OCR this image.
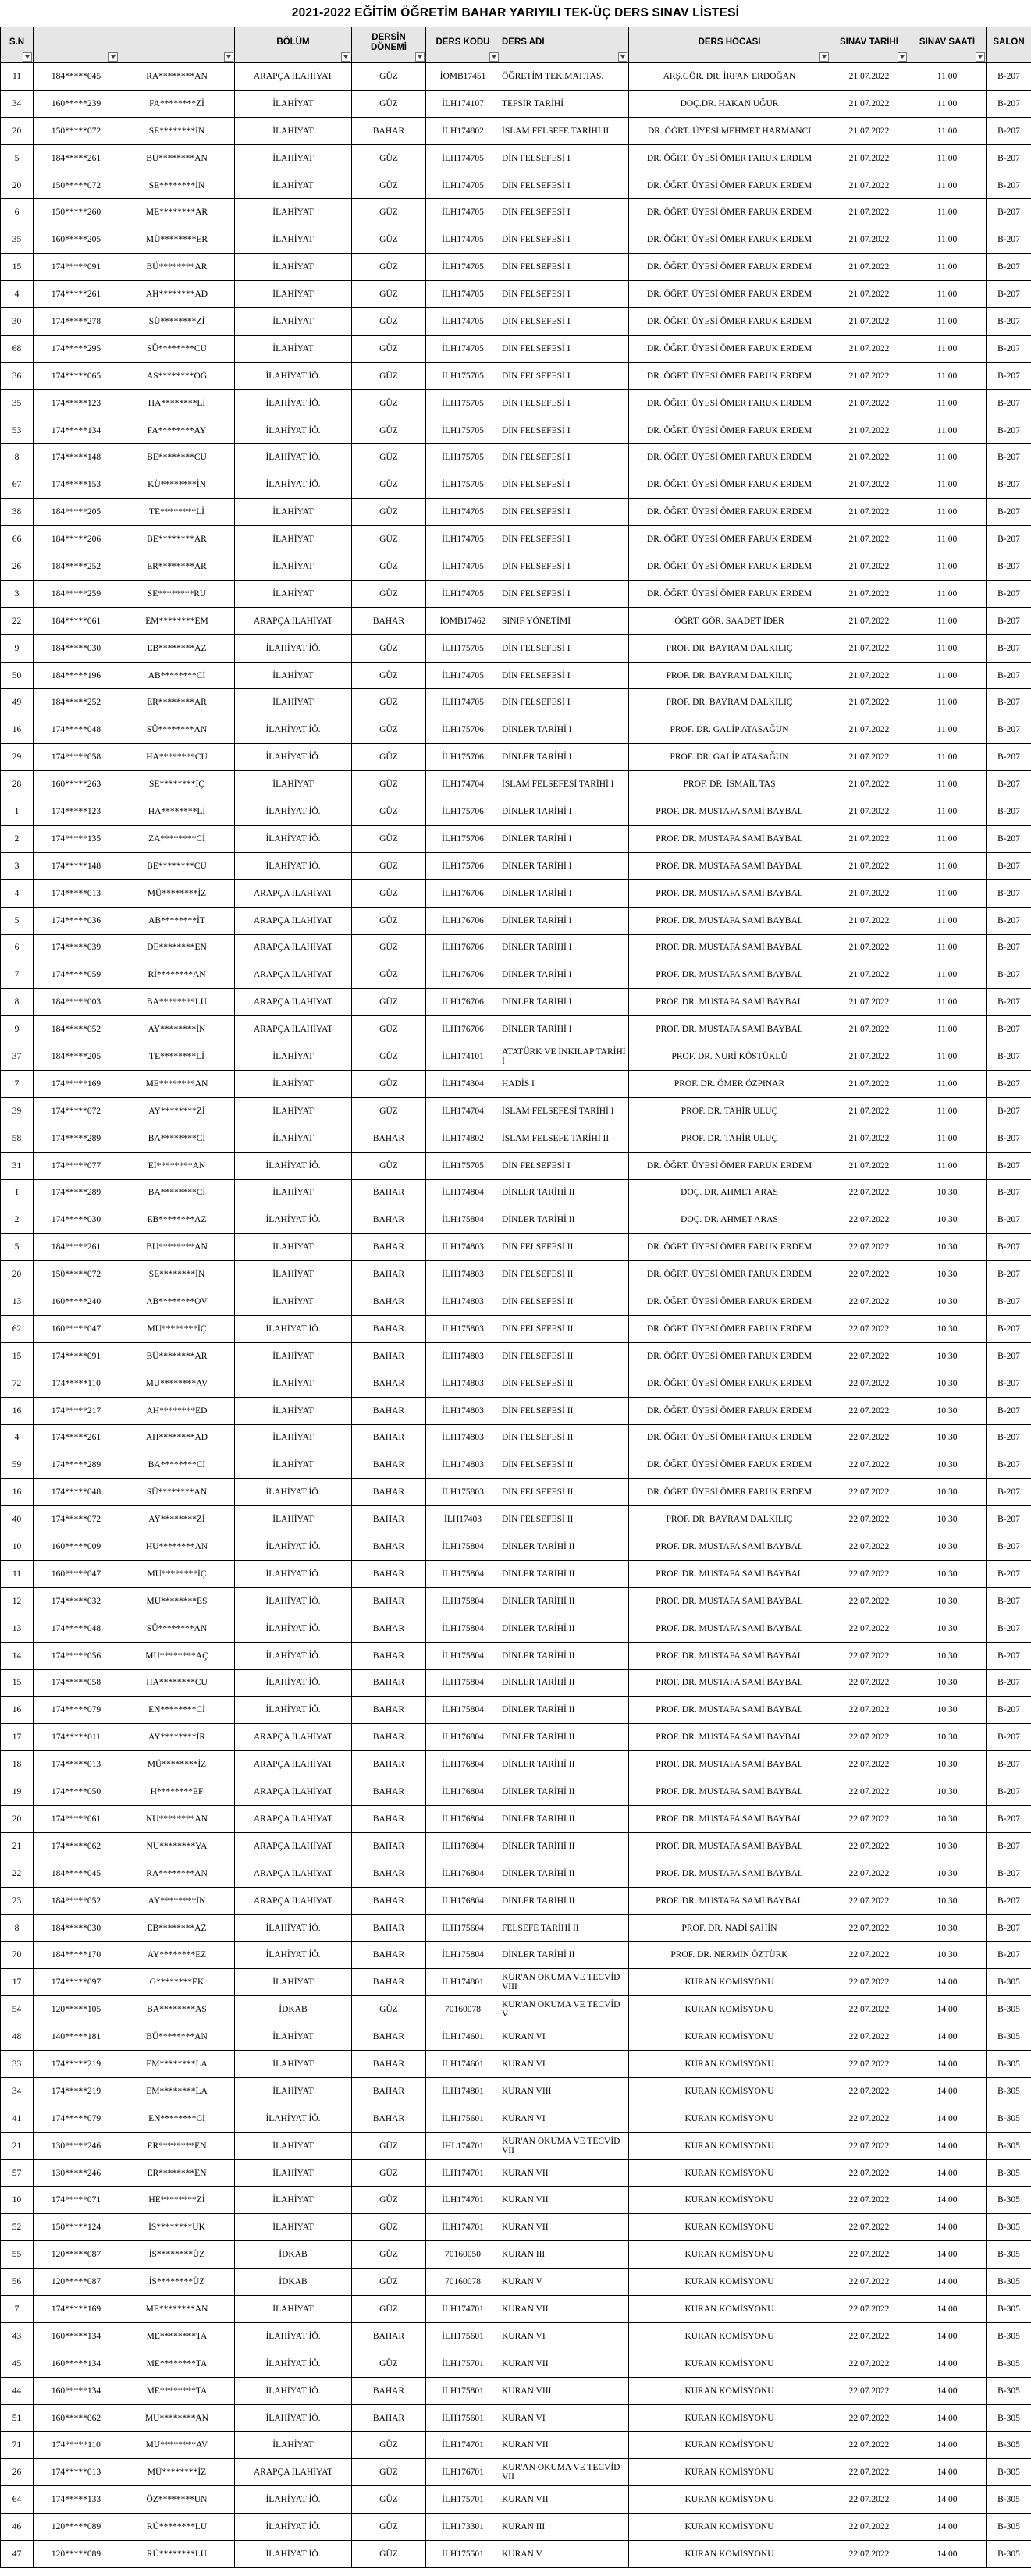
2021-2022 EĞİTİM ÖĞRETİM BAHAR YARIYILI TEK-ÜÇ DERS SINAV LİSTESİ
S.N			BÖLÜM	DERSİN DÖNEMİ	DERS KODU	DERS ADI	DERS HOCASI	SINAV TARİHİ	SINAV SAATİ	SALON

11	184*****045	RA********AN	ARAPÇA İLAHİYAT	GÜZ	İOMB17451	ÖĞRETİM TEK.MAT.TAS.	ARŞ.GÖR. DR. İRFAN ERDOĞAN	21.07.2022	11.00	B-207
34	160*****239	FA********Zİ	İLAHİYAT	GÜZ	İLH174107	TEFSİR TARİHİ	DOÇ.DR. HAKAN UĞUR	21.07.2022	11.00	B-207
20	150*****072	SE********İN	İLAHİYAT	BAHAR	İLH174802	İSLAM FELSEFE TARİHİ II	DR. ÖĞRT. ÜYESİ MEHMET HARMANCI	21.07.2022	11.00	B-207
5	184*****261	BU********AN	İLAHİYAT	GÜZ	İLH174705	DİN FELSEFESİ I	DR. ÖĞRT. ÜYESİ ÖMER FARUK ERDEM	21.07.2022	11.00	B-207
20	150*****072	SE********İN	İLAHİYAT	GÜZ	İLH174705	DİN FELSEFESİ I	DR. ÖĞRT. ÜYESİ ÖMER FARUK ERDEM	21.07.2022	11.00	B-207
6	150*****260	ME********AR	İLAHİYAT	GÜZ	İLH174705	DİN FELSEFESİ I	DR. ÖĞRT. ÜYESİ ÖMER FARUK ERDEM	21.07.2022	11.00	B-207
35	160*****205	MÜ********ER	İLAHİYAT	GÜZ	İLH174705	DİN FELSEFESİ I	DR. ÖĞRT. ÜYESİ ÖMER FARUK ERDEM	21.07.2022	11.00	B-207
15	174*****091	BÜ********AR	İLAHİYAT	GÜZ	İLH174705	DİN FELSEFESİ I	DR. ÖĞRT. ÜYESİ ÖMER FARUK ERDEM	21.07.2022	11.00	B-207
4	174*****261	AH********AD	İLAHİYAT	GÜZ	İLH174705	DİN FELSEFESİ I	DR. ÖĞRT. ÜYESİ ÖMER FARUK ERDEM	21.07.2022	11.00	B-207
30	174*****278	SÜ********Zİ	İLAHİYAT	GÜZ	İLH174705	DİN FELSEFESİ I	DR. ÖĞRT. ÜYESİ ÖMER FARUK ERDEM	21.07.2022	11.00	B-207
68	174*****295	SÜ********CU	İLAHİYAT	GÜZ	İLH174705	DİN FELSEFESİ I	DR. ÖĞRT. ÜYESİ ÖMER FARUK ERDEM	21.07.2022	11.00	B-207
36	174*****065	AS********OĞ	İLAHİYAT İÖ.	GÜZ	İLH175705	DİN FELSEFESİ I	DR. ÖĞRT. ÜYESİ ÖMER FARUK ERDEM	21.07.2022	11.00	B-207
35	174*****123	HA********Lİ	İLAHİYAT İÖ.	GÜZ	İLH175705	DİN FELSEFESİ I	DR. ÖĞRT. ÜYESİ ÖMER FARUK ERDEM	21.07.2022	11.00	B-207
53	174*****134	FA********AY	İLAHİYAT İÖ.	GÜZ	İLH175705	DİN FELSEFESİ I	DR. ÖĞRT. ÜYESİ ÖMER FARUK ERDEM	21.07.2022	11.00	B-207
8	174*****148	BE********CU	İLAHİYAT İÖ.	GÜZ	İLH175705	DİN FELSEFESİ I	DR. ÖĞRT. ÜYESİ ÖMER FARUK ERDEM	21.07.2022	11.00	B-207
67	174*****153	KÜ********İN	İLAHİYAT İÖ.	GÜZ	İLH175705	DİN FELSEFESİ I	DR. ÖĞRT. ÜYESİ ÖMER FARUK ERDEM	21.07.2022	11.00	B-207
38	184*****205	TE********Lİ	İLAHİYAT	GÜZ	İLH174705	DİN FELSEFESİ I	DR. ÖĞRT. ÜYESİ ÖMER FARUK ERDEM	21.07.2022	11.00	B-207
66	184*****206	BE********AR	İLAHİYAT	GÜZ	İLH174705	DİN FELSEFESİ I	DR. ÖĞRT. ÜYESİ ÖMER FARUK ERDEM	21.07.2022	11.00	B-207
26	184*****252	ER********AR	İLAHİYAT	GÜZ	İLH174705	DİN FELSEFESİ I	DR. ÖĞRT. ÜYESİ ÖMER FARUK ERDEM	21.07.2022	11.00	B-207
3	184*****259	SE********RU	İLAHİYAT	GÜZ	İLH174705	DİN FELSEFESİ I	DR. ÖĞRT. ÜYESİ ÖMER FARUK ERDEM	21.07.2022	11.00	B-207
22	184*****061	EM********EM	ARAPÇA İLAHİYAT	BAHAR	İOMB17462	SINIF YÖNETİMİ	ÖĞRT. GÖR. SAADET İDER	21.07.2022	11.00	B-207
9	184*****030	EB********AZ	İLAHİYAT İÖ.	GÜZ	İLH175705	DİN FELSEFESİ I	PROF. DR. BAYRAM DALKILIÇ	21.07.2022	11.00	B-207
50	184*****196	AB********Cİ	İLAHİYAT	GÜZ	İLH174705	DİN FELSEFESİ I	PROF. DR. BAYRAM DALKILIÇ	21.07.2022	11.00	B-207
49	184*****252	ER********AR	İLAHİYAT	GÜZ	İLH174705	DİN FELSEFESİ I	PROF. DR. BAYRAM DALKILIÇ	21.07.2022	11.00	B-207
16	174*****048	SÜ********AN	İLAHİYAT İÖ.	GÜZ	İLH175706	DİNLER TARİHİ I	PROF. DR. GALİP ATASAĞUN	21.07.2022	11.00	B-207
29	174*****058	HA********CU	İLAHİYAT İÖ.	GÜZ	İLH175706	DİNLER TARİHİ I	PROF. DR. GALİP ATASAĞUN	21.07.2022	11.00	B-207
28	160*****263	SE********İÇ	İLAHİYAT	GÜZ	İLH174704	İSLAM FELSEFESİ TARİHİ I	PROF. DR. İSMAİL TAŞ	21.07.2022	11.00	B-207
1	174*****123	HA********Lİ	İLAHİYAT İÖ.	GÜZ	İLH175706	DİNLER TARİHİ I	PROF. DR. MUSTAFA SAMİ BAYBAL	21.07.2022	11.00	B-207
2	174*****135	ZA********Cİ	İLAHİYAT İÖ.	GÜZ	İLH175706	DİNLER TARİHİ I	PROF. DR. MUSTAFA SAMİ BAYBAL	21.07.2022	11.00	B-207
3	174*****148	BE********CU	İLAHİYAT İÖ.	GÜZ	İLH175706	DİNLER TARİHİ I	PROF. DR. MUSTAFA SAMİ BAYBAL	21.07.2022	11.00	B-207
4	174*****013	MÜ********İZ	ARAPÇA İLAHİYAT	GÜZ	İLH176706	DİNLER TARİHİ I	PROF. DR. MUSTAFA SAMİ BAYBAL	21.07.2022	11.00	B-207
5	174*****036	AB********İT	ARAPÇA İLAHİYAT	GÜZ	İLH176706	DİNLER TARİHİ I	PROF. DR. MUSTAFA SAMİ BAYBAL	21.07.2022	11.00	B-207
6	174*****039	DE********EN	ARAPÇA İLAHİYAT	GÜZ	İLH176706	DİNLER TARİHİ I	PROF. DR. MUSTAFA SAMİ BAYBAL	21.07.2022	11.00	B-207
7	174*****059	Rİ********AN	ARAPÇA İLAHİYAT	GÜZ	İLH176706	DİNLER TARİHİ I	PROF. DR. MUSTAFA SAMİ BAYBAL	21.07.2022	11.00	B-207
8	184*****003	BA********LU	ARAPÇA İLAHİYAT	GÜZ	İLH176706	DİNLER TARİHİ I	PROF. DR. MUSTAFA SAMİ BAYBAL	21.07.2022	11.00	B-207
9	184*****052	AY********İN	ARAPÇA İLAHİYAT	GÜZ	İLH176706	DİNLER TARİHİ I	PROF. DR. MUSTAFA SAMİ BAYBAL	21.07.2022	11.00	B-207
37	184*****205	TE********Lİ	İLAHİYAT	GÜZ	İLH174101	ATATÜRK VE İNKILAP TARİHİ I	PROF. DR. NURİ KÖSTÜKLÜ	21.07.2022	11.00	B-207
7	174*****169	ME********AN	İLAHİYAT	GÜZ	İLH174304	HADİS I	PROF. DR. ÖMER ÖZPINAR	21.07.2022	11.00	B-207
39	174*****072	AY********Zİ	İLAHİYAT	GÜZ	İLH174704	İSLAM FELSEFESİ TARİHİ I	PROF. DR. TAHİR ULUÇ	21.07.2022	11.00	B-207
58	174*****289	BA********Cİ	İLAHİYAT	BAHAR	İLH174802	İSLAM FELSEFE TARİHİ II	PROF. DR. TAHİR ULUÇ	21.07.2022	11.00	B-207
31	174*****077	Eİ********AN	İLAHİYAT İÖ.	GÜZ	İLH175705	DİN FELSEFESİ I	DR. ÖĞRT. ÜYESİ ÖMER FARUK ERDEM	21.07.2022	11.00	B-207
1	174*****289	BA********Cİ	İLAHİYAT	BAHAR	İLH174804	DİNLER TARİHİ II	DOÇ. DR. AHMET ARAS	22.07.2022	10.30	B-207
2	174*****030	EB********AZ	İLAHİYAT İÖ.	BAHAR	İLH175804	DİNLER TARİHİ II	DOÇ. DR. AHMET ARAS	22.07.2022	10.30	B-207
5	184*****261	BU********AN	İLAHİYAT	BAHAR	İLH174803	DİN FELSEFESİ II	DR. ÖĞRT. ÜYESİ ÖMER FARUK ERDEM	22.07.2022	10.30	B-207
20	150*****072	SE********İN	İLAHİYAT	BAHAR	İLH174803	DİN FELSEFESİ II	DR. ÖĞRT. ÜYESİ ÖMER FARUK ERDEM	22.07.2022	10.30	B-207
13	160*****240	AB********OV	İLAHİYAT	BAHAR	İLH174803	DİN FELSEFESİ II	DR. ÖĞRT. ÜYESİ ÖMER FARUK ERDEM	22.07.2022	10.30	B-207
62	160*****047	MU********İÇ	İLAHİYAT İÖ.	BAHAR	İLH175803	DİN FELSEFESİ II	DR. ÖĞRT. ÜYESİ ÖMER FARUK ERDEM	22.07.2022	10.30	B-207
15	174*****091	BÜ********AR	İLAHİYAT	BAHAR	İLH174803	DİN FELSEFESİ II	DR. ÖĞRT. ÜYESİ ÖMER FARUK ERDEM	22.07.2022	10.30	B-207
72	174*****110	MU********AV	İLAHİYAT	BAHAR	İLH174803	DİN FELSEFESİ II	DR. ÖĞRT. ÜYESİ ÖMER FARUK ERDEM	22.07.2022	10.30	B-207
16	174*****217	AH********ED	İLAHİYAT	BAHAR	İLH174803	DİN FELSEFESİ II	DR. ÖĞRT. ÜYESİ ÖMER FARUK ERDEM	22.07.2022	10.30	B-207
4	174*****261	AH********AD	İLAHİYAT	BAHAR	İLH174803	DİN FELSEFESİ II	DR. ÖĞRT. ÜYESİ ÖMER FARUK ERDEM	22.07.2022	10.30	B-207
59	174*****289	BA********Cİ	İLAHİYAT	BAHAR	İLH174803	DİN FELSEFESİ II	DR. ÖĞRT. ÜYESİ ÖMER FARUK ERDEM	22.07.2022	10.30	B-207
16	174*****048	SÜ********AN	İLAHİYAT İÖ.	BAHAR	İLH175803	DİN FELSEFESİ II	DR. ÖĞRT. ÜYESİ ÖMER FARUK ERDEM	22.07.2022	10.30	B-207
40	174*****072	AY********Zİ	İLAHİYAT	BAHAR	İLH17403	DİN FELSEFESİ II	PROF. DR. BAYRAM DALKILIÇ	22.07.2022	10.30	B-207
10	160*****009	HU********AN	İLAHİYAT İÖ.	BAHAR	İLH175804	DİNLER TARİHİ II	PROF. DR. MUSTAFA SAMİ BAYBAL	22.07.2022	10.30	B-207
11	160*****047	MU********İÇ	İLAHİYAT İÖ.	BAHAR	İLH175804	DİNLER TARİHİ II	PROF. DR. MUSTAFA SAMİ BAYBAL	22.07.2022	10.30	B-207
12	174*****032	MU********ES	İLAHİYAT İÖ.	BAHAR	İLH175804	DİNLER TARİHİ II	PROF. DR. MUSTAFA SAMİ BAYBAL	22.07.2022	10.30	B-207
13	174*****048	SÜ********AN	İLAHİYAT İÖ.	BAHAR	İLH175804	DİNLER TARİHİ II	PROF. DR. MUSTAFA SAMİ BAYBAL	22.07.2022	10.30	B-207
14	174*****056	MU********AÇ	İLAHİYAT İÖ.	BAHAR	İLH175804	DİNLER TARİHİ II	PROF. DR. MUSTAFA SAMİ BAYBAL	22.07.2022	10.30	B-207
15	174*****058	HA********CU	İLAHİYAT İÖ.	BAHAR	İLH175804	DİNLER TARİHİ II	PROF. DR. MUSTAFA SAMİ BAYBAL	22.07.2022	10.30	B-207
16	174*****079	EN********Cİ	İLAHİYAT İÖ.	BAHAR	İLH175804	DİNLER TARİHİ II	PROF. DR. MUSTAFA SAMİ BAYBAL	22.07.2022	10.30	B-207
17	174*****011	AY********İR	ARAPÇA İLAHİYAT	BAHAR	İLH176804	DİNLER TARİHİ II	PROF. DR. MUSTAFA SAMİ BAYBAL	22.07.2022	10.30	B-207
18	174*****013	MÜ********İZ	ARAPÇA İLAHİYAT	BAHAR	İLH176804	DİNLER TARİHİ II	PROF. DR. MUSTAFA SAMİ BAYBAL	22.07.2022	10.30	B-207
19	174*****050	H********EF	ARAPÇA İLAHİYAT	BAHAR	İLH176804	DİNLER TARİHİ II	PROF. DR. MUSTAFA SAMİ BAYBAL	22.07.2022	10.30	B-207
20	174*****061	NU********AN	ARAPÇA İLAHİYAT	BAHAR	İLH176804	DİNLER TARİHİ II	PROF. DR. MUSTAFA SAMİ BAYBAL	22.07.2022	10.30	B-207
21	174*****062	NU********YA	ARAPÇA İLAHİYAT	BAHAR	İLH176804	DİNLER TARİHİ II	PROF. DR. MUSTAFA SAMİ BAYBAL	22.07.2022	10.30	B-207
22	184*****045	RA********AN	ARAPÇA İLAHİYAT	BAHAR	İLH176804	DİNLER TARİHİ II	PROF. DR. MUSTAFA SAMİ BAYBAL	22.07.2022	10.30	B-207
23	184*****052	AY********İN	ARAPÇA İLAHİYAT	BAHAR	İLH176804	DİNLER TARİHİ II	PROF. DR. MUSTAFA SAMİ BAYBAL	22.07.2022	10.30	B-207
8	184*****030	EB********AZ	İLAHİYAT İÖ.	BAHAR	İLH175604	FELSEFE TARİHİ II	PROF. DR. NADİ ŞAHİN	22.07.2022	10.30	B-207
70	184*****170	AY********EZ	İLAHİYAT İÖ.	BAHAR	İLH175804	DİNLER TARİHİ II	PROF. DR. NERMİN ÖZTÜRK	22.07.2022	10.30	B-207
17	174*****097	G********EK	İLAHİYAT	BAHAR	İLH174801	KUR'AN OKUMA VE TECVİD VIII	KURAN KOMİSYONU	22.07.2022	14.00	B-305
54	120*****105	BA********AŞ	İDKAB	GÜZ	70160078	KUR'AN OKUMA VE TECVİD V	KURAN KOMİSYONU	22.07.2022	14.00	B-305
48	140*****181	BÜ********AN	İLAHİYAT	BAHAR	İLH174601	KURAN VI	KURAN KOMİSYONU	22.07.2022	14.00	B-305
33	174*****219	EM********LA	İLAHİYAT	BAHAR	İLH174601	KURAN VI	KURAN KOMİSYONU	22.07.2022	14.00	B-305
34	174*****219	EM********LA	İLAHİYAT	BAHAR	İLH174801	KURAN VIII	KURAN KOMİSYONU	22.07.2022	14.00	B-305
41	174*****079	EN********Cİ	İLAHİYAT İÖ.	BAHAR	İLH175601	KURAN VI	KURAN KOMİSYONU	22.07.2022	14.00	B-305
21	130*****246	ER********EN	İLAHİYAT	GÜZ	İHL174701	KUR'AN OKUMA VE TECVİD VII	KURAN KOMİSYONU	22.07.2022	14.00	B-305
57	130*****246	ER********EN	İLAHİYAT	GÜZ	İLH174701	KURAN VII	KURAN KOMİSYONU	22.07.2022	14.00	B-305
10	174*****071	HE********Zİ	İLAHİYAT	GÜZ	İLH174701	KURAN VII	KURAN KOMİSYONU	22.07.2022	14.00	B-305
52	150*****124	İS********UK	İLAHİYAT	GÜZ	İLH174701	KURAN VII	KURAN KOMİSYONU	22.07.2022	14.00	B-305
55	120*****087	İS********ÜZ	İDKAB	GÜZ	70160050	KURAN III	KURAN KOMİSYONU	22.07.2022	14.00	B-305
56	120*****087	İS********ÜZ	İDKAB	GÜZ	70160078	KURAN V	KURAN KOMİSYONU	22.07.2022	14.00	B-305
7	174*****169	ME********AN	İLAHİYAT	GÜZ	İLH174701	KURAN VII	KURAN KOMİSYONU	22.07.2022	14.00	B-305
43	160*****134	ME********TA	İLAHİYAT İÖ.	BAHAR	İLH175601	KURAN VI	KURAN KOMİSYONU	22.07.2022	14.00	B-305
45	160*****134	ME********TA	İLAHİYAT İÖ.	GÜZ	İLH175701	KURAN VII	KURAN KOMİSYONU	22.07.2022	14.00	B-305
44	160*****134	ME********TA	İLAHİYAT İÖ.	BAHAR	İLH175801	KURAN VIII	KURAN KOMİSYONU	22.07.2022	14.00	B-305
51	160*****062	MU********AN	İLAHİYAT İÖ.	BAHAR	İLH175601	KURAN VI	KURAN KOMİSYONU	22.07.2022	14.00	B-305
71	174*****110	MU********AV	İLAHİYAT	GÜZ	İLH174701	KURAN VII	KURAN KOMİSYONU	22.07.2022	14.00	B-305
26	174*****013	MÜ********İZ	ARAPÇA İLAHİYAT	GÜZ	İLH176701	KUR'AN OKUMA VE TECVİD VII	KURAN KOMİSYONU	22.07.2022	14.00	B-305
64	174*****133	ÖZ********UN	İLAHİYAT İÖ.	GÜZ	İLH175701	KURAN VII	KURAN KOMİSYONU	22.07.2022	14.00	B-305
46	120*****089	RÜ********LU	İLAHİYAT İÖ.	GÜZ	İLH173301	KURAN III	KURAN KOMİSYONU	22.07.2022	14.00	B-305
47	120*****089	RÜ********LU	İLAHİYAT İÖ.	GÜZ	İLH175501	KURAN V	KURAN KOMİSYONU	22.07.2022	14.00	B-305
